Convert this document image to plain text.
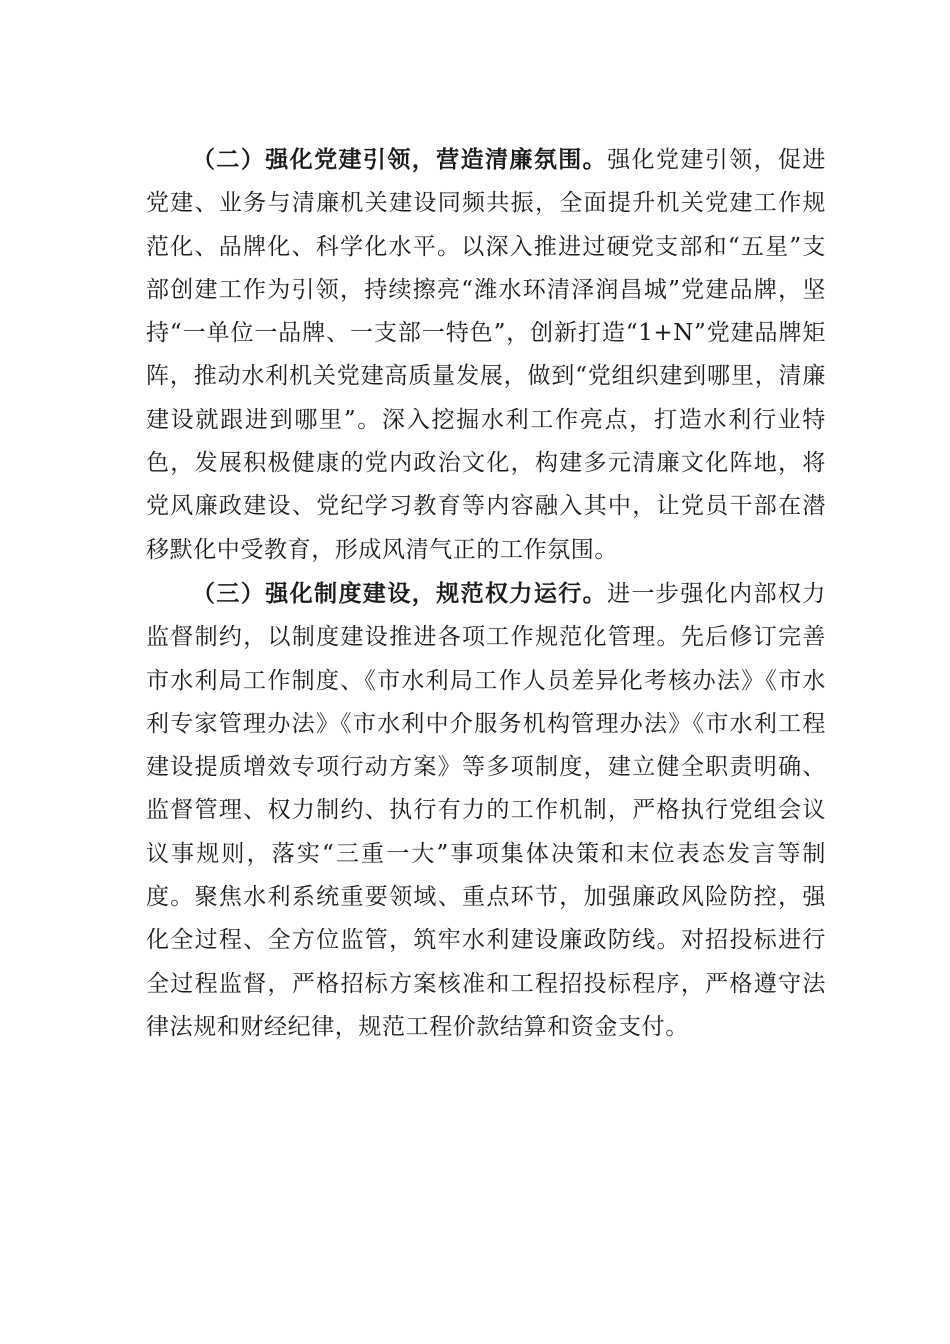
（二）强化党建引领，营造清廉氛围。强化党建引领，促进党建、业务与清廉机关建设同频共振，全面提升机关党建工作规范化、品牌化、科学化水平。以深入推进过硬党支部和“五星”支部创建工作为引领，持续擦亮“潍水环清泽润昌城”党建品牌，坚持“一单位一品牌、一支部一特色”，创新打造“1+N”党建品牌矩阵，推动水利机关党建高质量发展，做到“党组织建到哪里，清廉建设就跟进到哪里”。深入挖掘水利工作亮点，打造水利行业特色，发展积极健康的党内政治文化，构建多元清廉文化阵地，将党风廉政建设、党纪学习教育等内容融入其中，让党员干部在潜移默化中受教育，形成风清气正的工作氛围。

（三）强化制度建设，规范权力运行。进一步强化内部权力监督制约，以制度建设推进各项工作规范化管理。先后修订完善市水利局工作制度、《市水利局工作人员差异化考核办法》《市水利专家管理办法》《市水利中介服务机构管理办法》《市水利工程建设提质增效专项行动方案》等多项制度，建立健全职责明确、监督管理、权力制约、执行有力的工作机制，严格执行党组会议议事规则，落实“三重一大”事项集体决策和末位表态发言等制度。聚焦水利系统重要领域、重点环节，加强廉政风险防控，强化全过程、全方位监管，筑牢水利建设廉政防线。对招投标进行全过程监督，严格招标方案核准和工程招投标程序，严格遵守法律法规和财经纪律，规范工程价款结算和资金支付。
